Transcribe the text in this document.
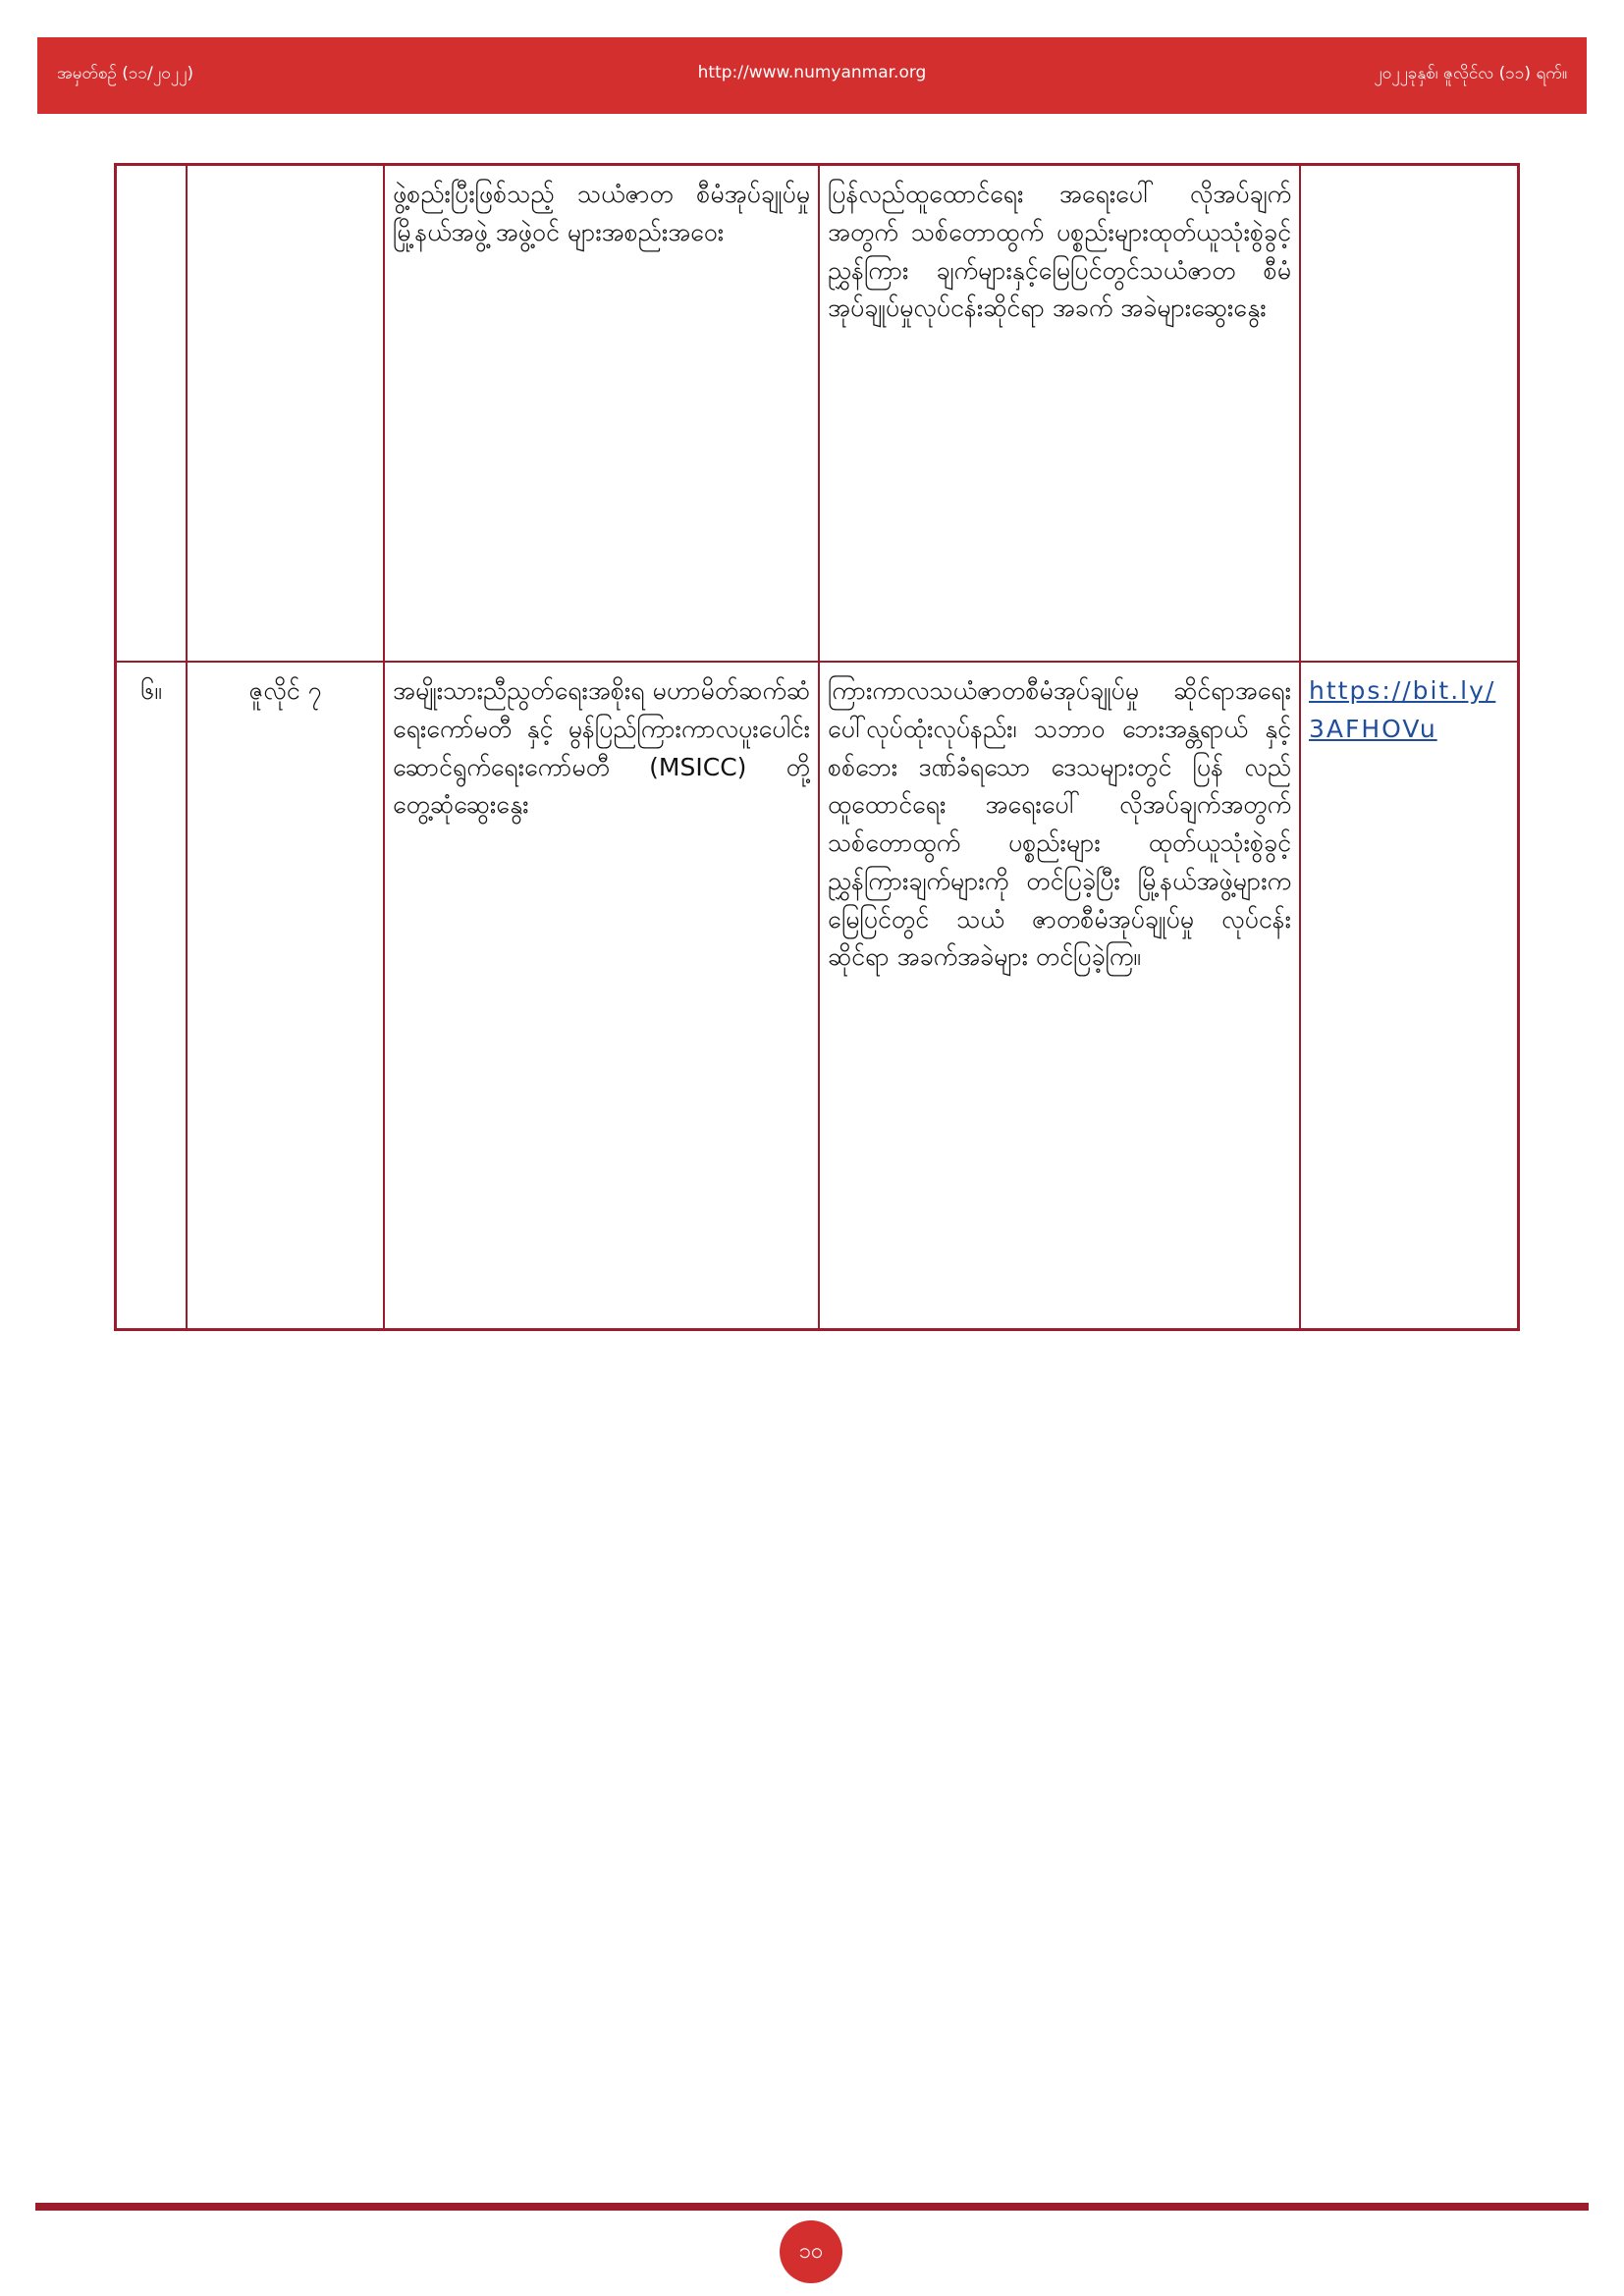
အမှတ်စဉ် (၁၁/၂၀၂၂)	http://www.numyanmar.org	၂၀၂၂ခုနှစ်၊ ဇူလိုင်လ (၁၁) ရက်။
		ဖွဲ့စည်းပြီးဖြစ်သည့် သယံဇာတ စီမံအုပ်ချုပ်မှုမြို့နယ်အဖွဲ့ အဖွဲ့ဝင် များအစည်းအဝေး	ပြန်လည်ထူထောင်ရေး အရေးပေါ် လိုအပ်ချက်အတွက် သစ်တောထွက် ပစ္စည်းများထုတ်ယူသုံးစွဲခွင့်ညွှန်ကြား ချက်များနှင့်မြေပြင်တွင်သယံဇာတ စီမံအုပ်ချုပ်မှုလုပ်ငန်းဆိုင်ရာ အခက် အခဲများဆွေးနွေး	
၆။	ဇူလိုင် ၇	အမျိုးသားညီညွတ်ရေးအစိုးရ မဟာမိတ်ဆက်ဆံရေးကော်မတီ နှင့် မွန်ပြည်ကြားကာလပူးပေါင်း ဆောင်ရွက်ရေးကော်မတီ (MSICC) တို့ တွေ့ဆုံဆွေးနွေး	ကြားကာလသယံဇာတစီမံအုပ်ချုပ်မှု ဆိုင်ရာအရေးပေါ်လုပ်ထုံးလုပ်နည်း၊ သဘာဝ ဘေးအန္တရာယ် နှင့် စစ်ဘေး ဒဏ်ခံရသော ဒေသများတွင် ပြန် လည်ထူထောင်ရေး အရေးပေါ် လိုအပ်ချက်အတွက် သစ်တောထွက် ပစ္စည်းများ ထုတ်ယူသုံးစွဲခွင့် ညွှန်ကြားချက်များကို တင်ပြခဲ့ပြီး မြို့နယ်အဖွဲ့များကမြေပြင်တွင် သယံ ဇာတစီမံအုပ်ချုပ်မှု လုပ်ငန်း ဆိုင်ရာ အခက်အခဲများ တင်ပြခဲ့ကြ။	https://bit.ly/3AFHOVu
၁၀
